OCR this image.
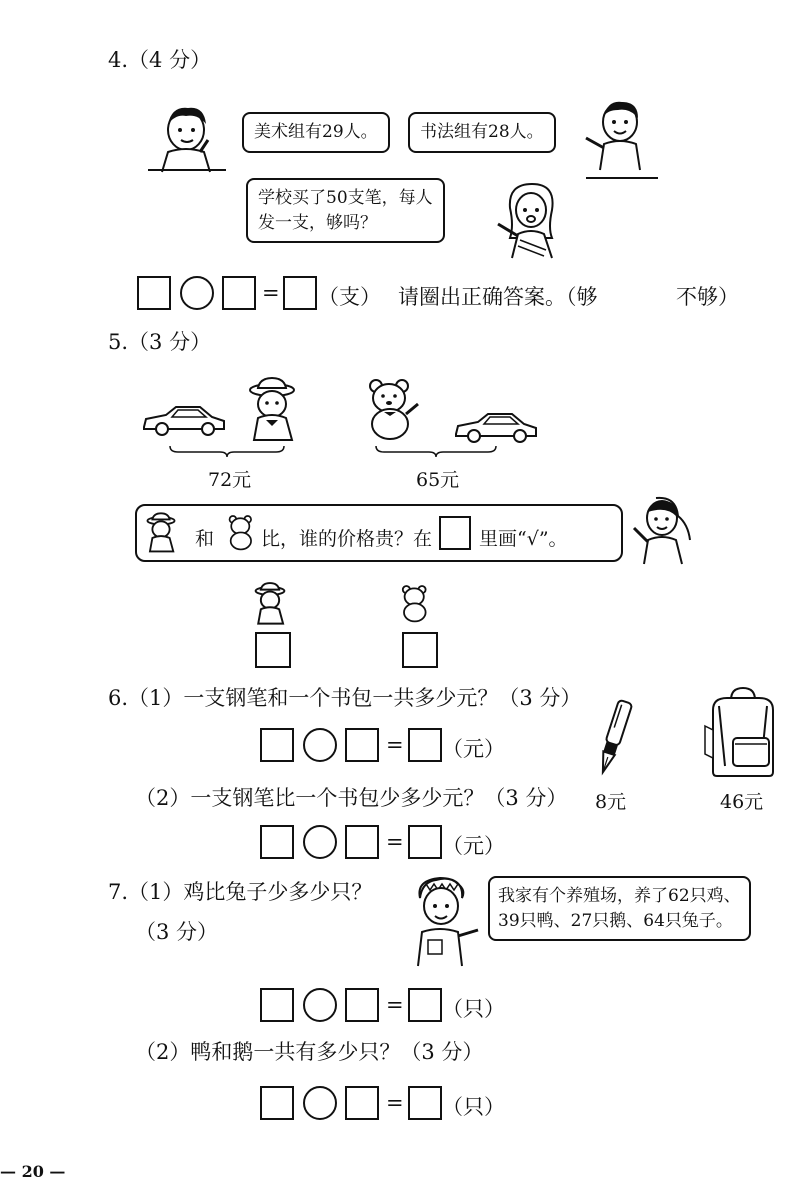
4.（4 分）
美术组有29人。	书法组有28人。
学校买了50支笔，每人
发一支，够吗？
= （支） 请圈出正确答案。（够	不够）
5.（3 分）
72元	65元
和 比，谁的价格贵？在 里画“√”。
6.（1）一支钢笔和一个书包一共多少元？（3 分）
= （元）
8元	46元
（2）一支钢笔比一个书包少多少元？（3 分）
= （元）
7.（1）鸡比兔子少多少只？
（3 分）
我家有个养殖场，养了62只鸡、
39只鸭、27只鹅、64只兔子。
= （只）
（2）鸭和鹅一共有多少只？（3 分）
= （只）
— 20 —
